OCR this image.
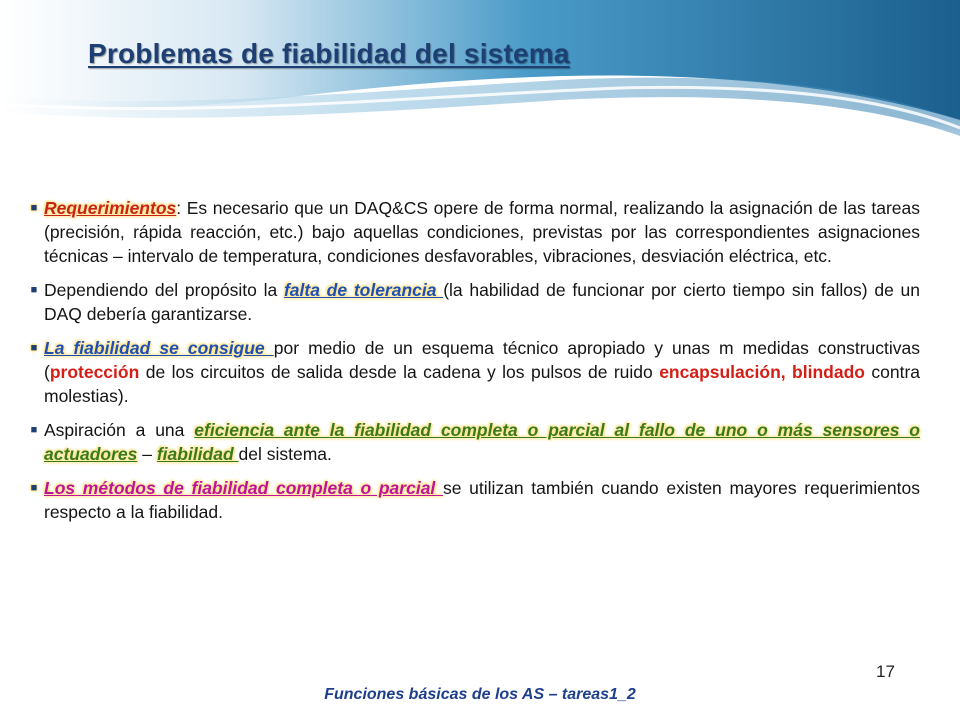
Problemas de fiabilidad del sistema
■ Requerimientos: Es necesario que un DAQ&CS opere de forma normal, realizando la asignación de las tareas (precisión, rápida reacción, etc.) bajo aquellas condiciones, previstas por las correspondientes asignaciones técnicas – intervalo de temperatura, condiciones desfavorables, vibraciones, desviación eléctrica, etc.
■ Dependiendo del propósito la falta de tolerancia (la habilidad de funcionar por cierto tiempo sin fallos) de un DAQ debería garantizarse.
■ La fiabilidad se consigue por medio de un esquema técnico apropiado y unas m medidas constructivas (protección de los circuitos de salida desde la cadena y los pulsos de ruido encapsulación, blindado contra molestias).
■ Aspiración a una eficiencia ante la fiabilidad completa o parcial al fallo de uno o más sensores o actuadores – fiabilidad del sistema.
■ Los métodos de fiabilidad completa o parcial se utilizan también cuando existen mayores requerimientos respecto a la fiabilidad.
17
Funciones básicas de los AS – tareas1_2
